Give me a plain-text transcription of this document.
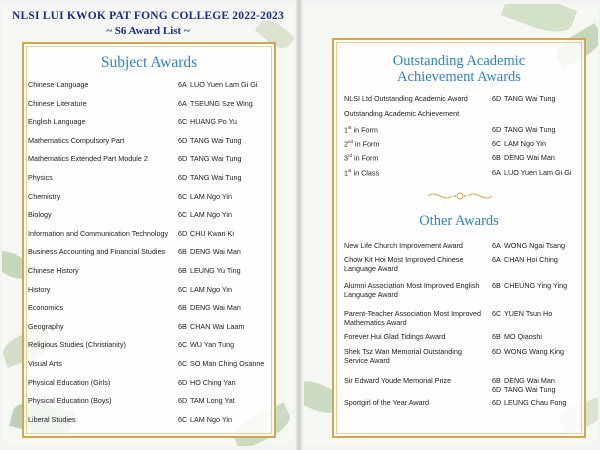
NLSI LUI KWOK PAT FONG COLLEGE 2022-2023
~ S6 Award List ~
Subject Awards
Chinese Language	6A LUO Yuen Lam Gi Gi
Chinese Literature	6A TSEUNG Sze Wing
English Language	6C HUANG Po Yu
Mathematics Compulsory Part	6D TANG Wai Tung
Mathematics Extended Part Module 2	6D TANG Wai Tung
Physics	6D TANG Wai Tung
Chemistry	6C LAM Ngo Yin
Biology	6C LAM Ngo Yin
Information and Communication Technology 6D CHU Kwan Ki
Business Accounting and Financial Studies 6B DENG Wai Man
Chinese History	6B LEUNG Yu Ting
History	6C LAM Ngo Yin
Economics	6B DENG Wai Man
Geography	6B CHAN Wai Laam
Religious Studies (Christianity)	6C WU Yan Tung
Visual Arts	6C SO Man Ching Osanne
Physical Education (Girls)	6D HO Ching Yan
Physical Education (Boys)	6D TAM Long Yat
Liberal Studies	6C LAM Ngo Yin
Outstanding Academic
Achievement Awards
NLSI Ltd Outstanding Academic Award	6D TANG Wai Tung
Outstanding Academic Achievement
1st in Form	6D TANG Wai Tung
2nd in Form	6C LAM Ngo Yin
3rd in Form	6B DENG Wai Man
1st in Class	6A LUO Yuen Lam Gi Gi
Other Awards
New Life Church Improvement Award	6A WONG Ngai Tsang
Chow Kit Hoi Most Improved Chinese Language Award
6A CHAN Hoi Ching
Alumni Association Most Improved English Language Award
6B CHEUNG Ying Ying
Parent-Teacher Association Most Improved Mathematics Award
6C YUEN Tsun Ho
Forever Hui Glad Tidings Award	6B MO Qiaoshi
Shek Tsz Wan Memorial Outstanding Service Award
6D WONG Wang King
Sir Edward Youde Memorial Prize	6B DENG Wai Man
6D TANG Wai Tung
Sportgirl of the Year Award	6D LEUNG Chau Fong
